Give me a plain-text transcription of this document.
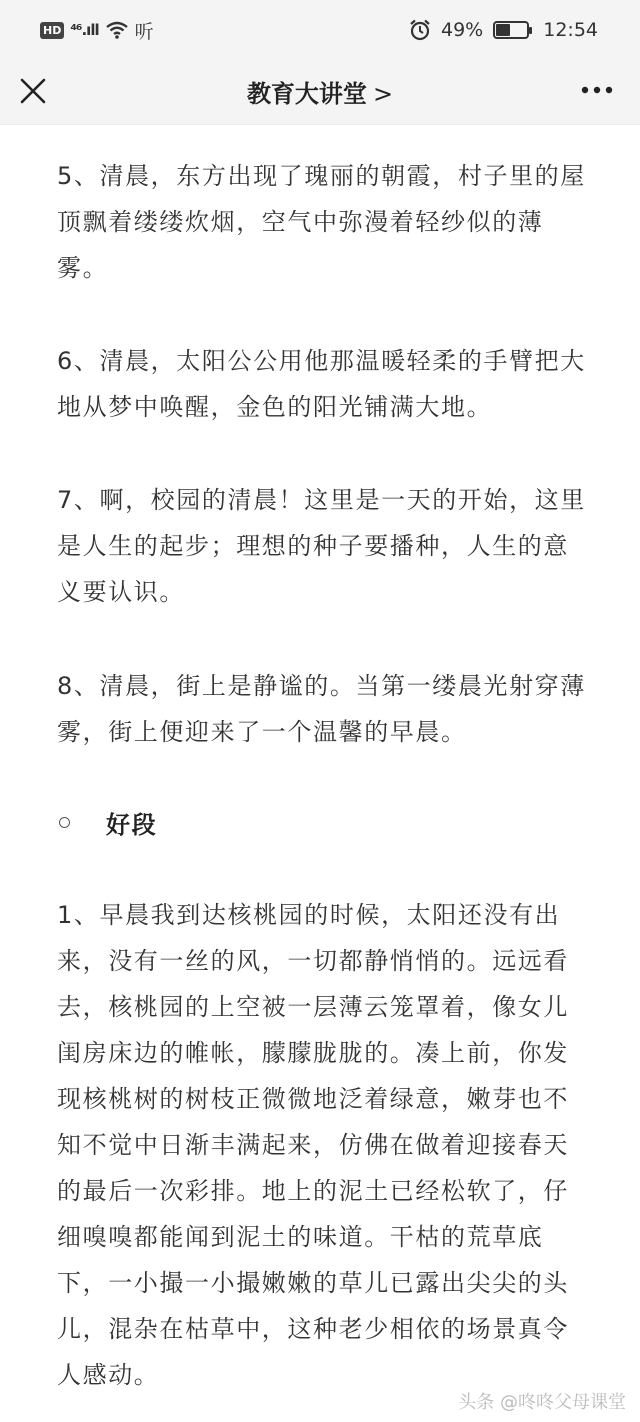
HD ⁴⁶.ıll 听	49%	12:54
教育大讲堂 >

5、清晨，东方出现了瑰丽的朝霞，村子里的屋顶飘着缕缕炊烟，空气中弥漫着轻纱似的薄雾。

6、清晨，太阳公公用他那温暖轻柔的手臂把大地从梦中唤醒，金色的阳光铺满大地。

7、啊，校园的清晨！这里是一天的开始，这里是人生的起步；理想的种子要播种，人生的意义要认识。

8、清晨，街上是静谧的。当第一缕晨光射穿薄雾，街上便迎来了一个温馨的早晨。

好段

1、早晨我到达核桃园的时候，太阳还没有出来，没有一丝的风，一切都静悄悄的。远远看去，核桃园的上空被一层薄云笼罩着，像女儿闺房床边的帷帐，朦朦胧胧的。凑上前，你发现核桃树的树枝正微微地泛着绿意，嫩芽也不知不觉中日渐丰满起来，仿佛在做着迎接春天的最后一次彩排。地上的泥土已经松软了，仔细嗅嗅都能闻到泥土的味道。干枯的荒草底下，一小撮一小撮嫩嫩的草儿已露出尖尖的头儿，混杂在枯草中，这种老少相依的场景真令人感动。

头条 @咚咚父母课堂
